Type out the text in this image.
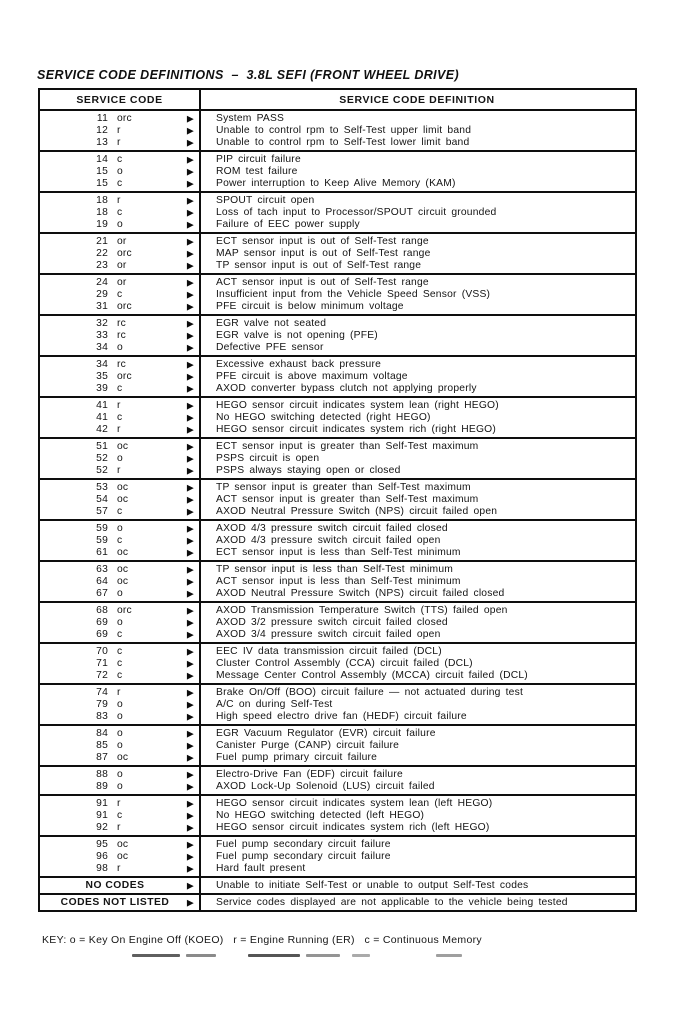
SERVICE CODE DEFINITIONS  –  3.8L SEFI (FRONT WHEEL DRIVE)
SERVICE CODE	SERVICE CODE DEFINITION
11 orc	▶	System PASS
12 r	▶	Unable to control rpm to Self-Test upper limit band
13 r	▶	Unable to control rpm to Self-Test lower limit band
14 c	▶	PIP circuit failure
15 o	▶	ROM test failure
15 c	▶	Power interruption to Keep Alive Memory (KAM)
18 r	▶	SPOUT circuit open
18 c	▶	Loss of tach input to Processor/SPOUT circuit grounded
19 o	▶	Failure of EEC power supply
21 or	▶	ECT sensor input is out of Self-Test range
22 orc	▶	MAP sensor input is out of Self-Test range
23 or	▶	TP sensor input is out of Self-Test range
24 or	▶	ACT sensor input is out of Self-Test range
29 c	▶	Insufficient input from the Vehicle Speed Sensor (VSS)
31 orc	▶	PFE circuit is below minimum voltage
32 rc	▶	EGR valve not seated
33 rc	▶	EGR valve is not opening (PFE)
34 o	▶	Defective PFE sensor
34 rc	▶	Excessive exhaust back pressure
35 orc	▶	PFE circuit is above maximum voltage
39 c	▶	AXOD converter bypass clutch not applying properly
41 r	▶	HEGO sensor circuit indicates system lean (right HEGO)
41 c	▶	No HEGO switching detected (right HEGO)
42 r	▶	HEGO sensor circuit indicates system rich (right HEGO)
51 oc	▶	ECT sensor input is greater than Self-Test maximum
52 o	▶	PSPS circuit is open
52 r	▶	PSPS always staying open or closed
53 oc	▶	TP sensor input is greater than Self-Test maximum
54 oc	▶	ACT sensor input is greater than Self-Test maximum
57 c	▶	AXOD Neutral Pressure Switch (NPS) circuit failed open
59 o	▶	AXOD 4/3 pressure switch circuit failed closed
59 c	▶	AXOD 4/3 pressure switch circuit failed open
61 oc	▶	ECT sensor input is less than Self-Test minimum
63 oc	▶	TP sensor input is less than Self-Test minimum
64 oc	▶	ACT sensor input is less than Self-Test minimum
67 o	▶	AXOD Neutral Pressure Switch (NPS) circuit failed closed
68 orc	▶	AXOD Transmission Temperature Switch (TTS) failed open
69 o	▶	AXOD 3/2 pressure switch circuit failed closed
69 c	▶	AXOD 3/4 pressure switch circuit failed open
70 c	▶	EEC IV data transmission circuit failed (DCL)
71 c	▶	Cluster Control Assembly (CCA) circuit failed (DCL)
72 c	▶	Message Center Control Assembly (MCCA) circuit failed (DCL)
74 r	▶	Brake On/Off (BOO) circuit failure — not actuated during test
79 o	▶	A/C on during Self-Test
83 o	▶	High speed electro drive fan (HEDF) circuit failure
84 o	▶	EGR Vacuum Regulator (EVR) circuit failure
85 o	▶	Canister Purge (CANP) circuit failure
87 oc	▶	Fuel pump primary circuit failure
88 o	▶	Electro-Drive Fan (EDF) circuit failure
89 o	▶	AXOD Lock-Up Solenoid (LUS) circuit failed
91 r	▶	HEGO sensor circuit indicates system lean (left HEGO)
91 c	▶	No HEGO switching detected (left HEGO)
92 r	▶	HEGO sensor circuit indicates system rich (left HEGO)
95 oc	▶	Fuel pump secondary circuit failure
96 oc	▶	Fuel pump secondary circuit failure
98 r	▶	Hard fault present
NO CODES	▶	Unable to initiate Self-Test or unable to output Self-Test codes
CODES NOT LISTED	▶	Service codes displayed are not applicable to the vehicle being tested
KEY: o = Key On Engine Off (KOEO)   r = Engine Running (ER)   c = Continuous Memory
